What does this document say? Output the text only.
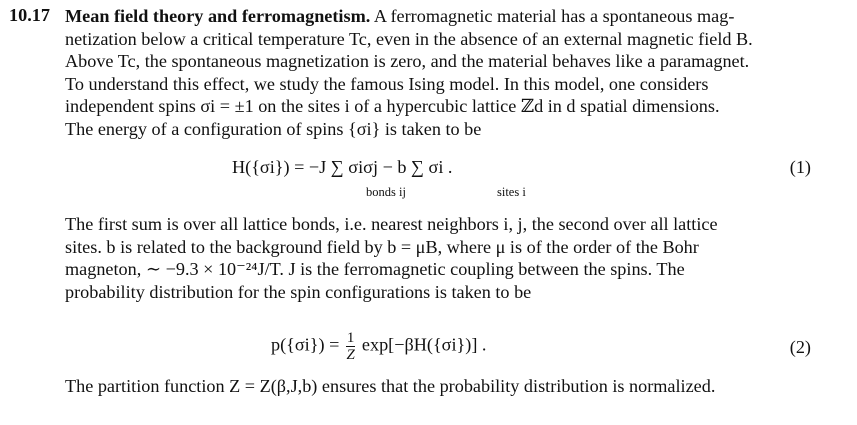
10.17 Mean field theory and ferromagnetism. A ferromagnetic material has a spontaneous mag-
netization below a critical temperature Tc, even in the absence of an external magnetic field B.
Above Tc, the spontaneous magnetization is zero, and the material behaves like a paramagnet.
To understand this effect, we study the famous Ising model. In this model, one considers
independent spins σi = ±1 on the sites i of a hypercubic lattice ℤd in d spatial dimensions.
The energy of a configuration of spins {σi} is taken to be
H({σi}) = −J ∑ σiσj − b ∑ σi .
bonds ij	sites i
(1)
The first sum is over all lattice bonds, i.e. nearest neighbors i, j, the second over all lattice
sites. b is related to the background field by b = μB, where μ is of the order of the Bohr
magneton, ∼ −9.3 × 10⁻²⁴J/T. J is the ferromagnetic coupling between the spins. The
probability distribution for the spin configurations is taken to be
$p(\{\sigma i\}) = \frac{1}{Z} \exp[-\beta H(\{\sigma i\})]$ .	(2)
The partition function Z = Z(β,J,b) ensures that the probability distribution is normalized.
